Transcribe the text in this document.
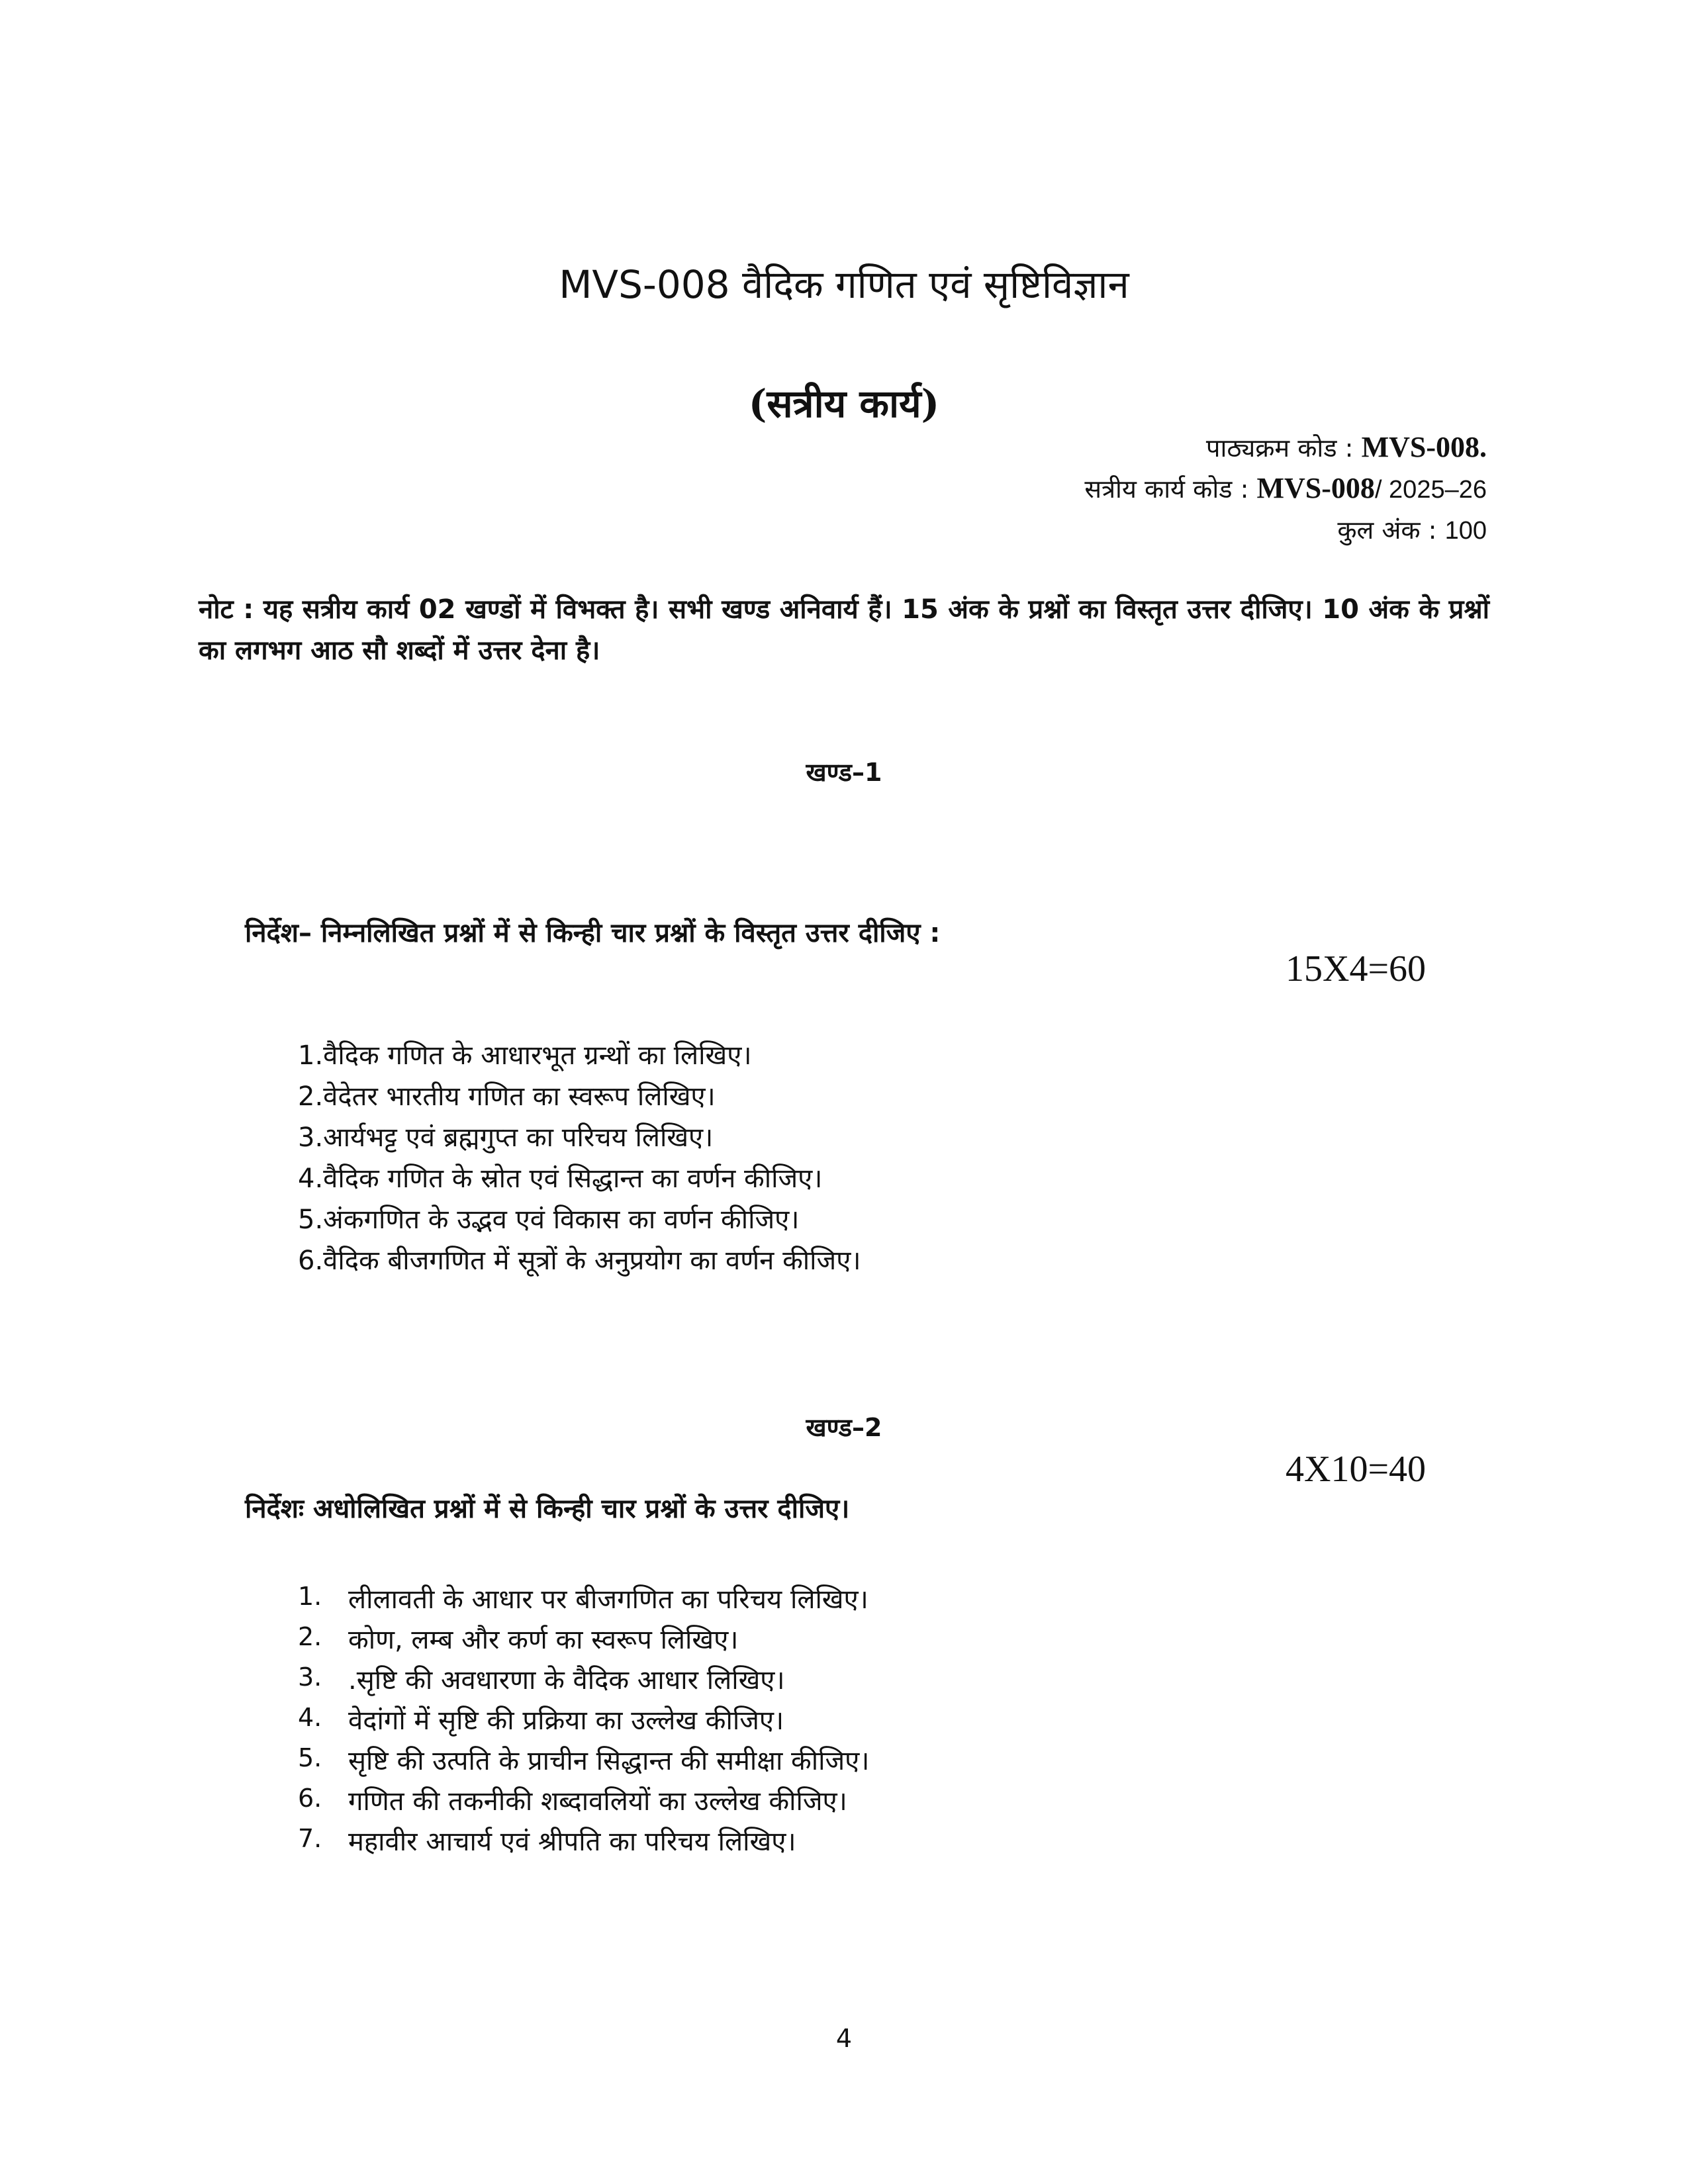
MVS-008 वैदिक गणित एवं सृष्टिविज्ञान
(सत्रीय कार्य)
पाठ्यक्रम कोड : MVS-008.
सत्रीय कार्य कोड : MVS-008/ 2025–26
कुल अंक : 100
नोट : यह सत्रीय कार्य 02 खण्डों में विभक्त है। सभी खण्ड अनिवार्य हैं। 15 अंक के प्रश्नों का विस्तृत उत्तर दीजिए। 10 अंक के प्रश्नों का लगभग आठ सौ शब्दों में उत्तर देना है।
खण्ड–1
निर्देश– निम्नलिखित प्रश्नों में से किन्ही चार प्रश्नों के विस्तृत उत्तर दीजिए :
15X4=60
1.वैदिक गणित के आधारभूत ग्रन्थों का लिखिए।
2.वेदेतर भारतीय गणित का स्वरूप लिखिए।
3.आर्यभट्ट एवं ब्रह्मगुप्त का परिचय लिखिए।
4.वैदिक गणित के स्रोत एवं सिद्धान्त का वर्णन कीजिए।
5.अंकगणित के उद्भव एवं विकास का वर्णन कीजिए।
6.वैदिक बीजगणित में सूत्रों के अनुप्रयोग का वर्णन कीजिए।
खण्ड–2
4X10=40
निर्देशः अधोलिखित प्रश्नों में से किन्ही चार प्रश्नों के उत्तर दीजिए।
1. लीलावती के आधार पर बीजगणित का परिचय लिखिए।
2. कोण, लम्ब और कर्ण का स्वरूप लिखिए।
3. .सृष्टि की अवधारणा के वैदिक आधार लिखिए।
4. वेदांगों में सृष्टि की प्रक्रिया का उल्लेख कीजिए।
5. सृष्टि की उत्पति के प्राचीन सिद्धान्त की समीक्षा कीजिए।
6. गणित की तकनीकी शब्दावलियों का उल्लेख कीजिए।
7. महावीर आचार्य एवं श्रीपति का परिचय लिखिए।
4
